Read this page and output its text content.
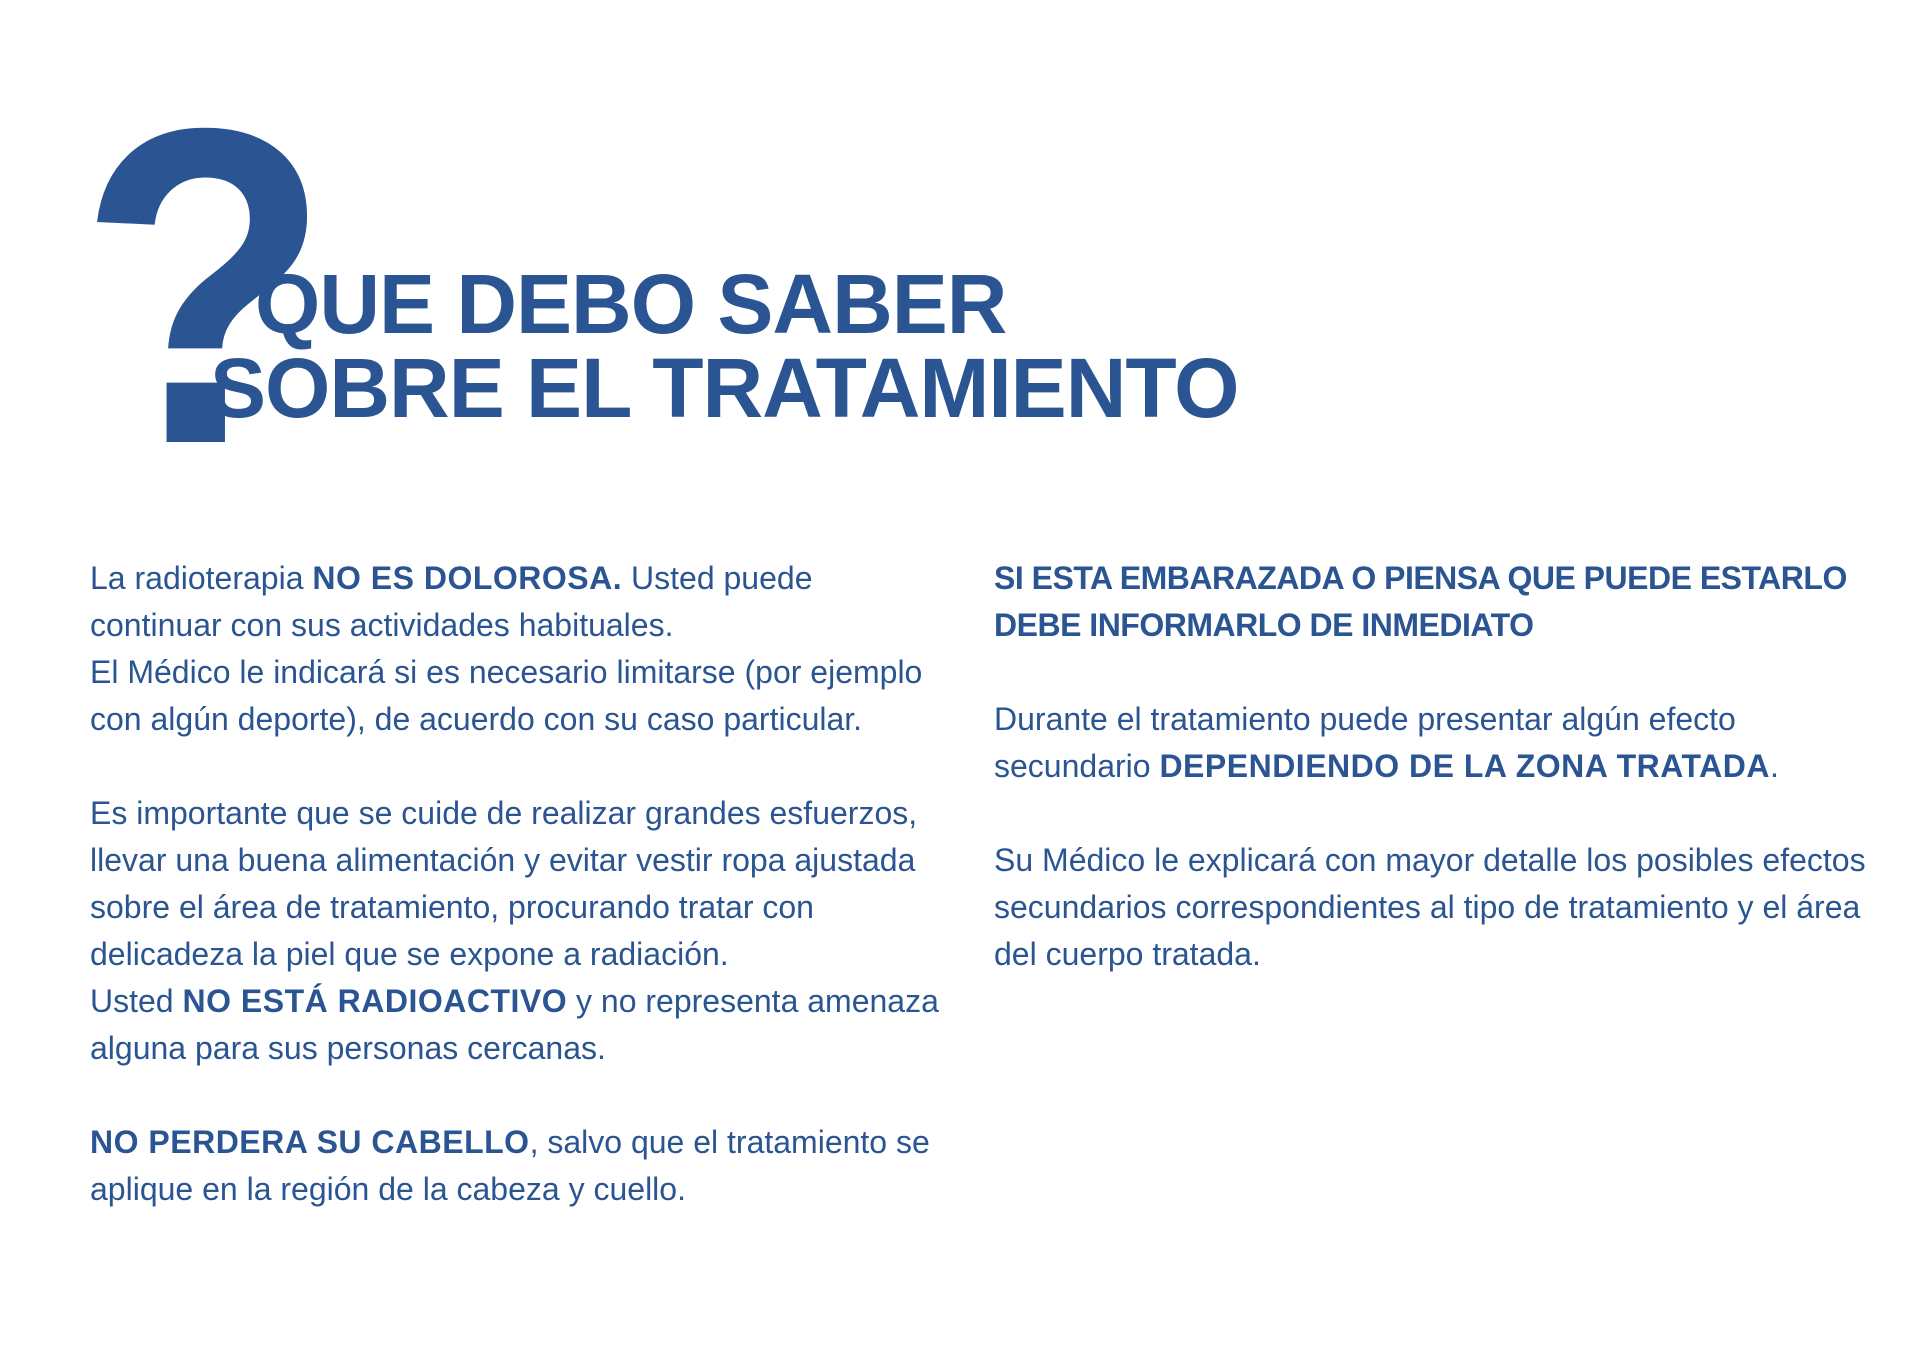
?
QUE DEBO SABER
SOBRE EL TRATAMIENTO

La radioterapia NO ES DOLOROSA. Usted puede continuar con sus actividades habituales.

El Médico le indicará si es necesario limitarse (por ejemplo con algún deporte), de acuerdo con su caso particular.

Es importante que se cuide de realizar grandes esfuerzos, llevar una buena alimentación y evitar vestir ropa ajustada sobre el área de tratamiento, procurando tratar con delicadeza la piel que se expone a radiación.

Usted NO ESTÁ RADIOACTIVO y no representa amenaza alguna para sus personas cercanas.

NO PERDERA SU CABELLO, salvo que el tratamiento se aplique en la región de la cabeza y cuello.

SI ESTA EMBARAZADA O PIENSA QUE PUEDE ESTARLO DEBE INFORMARLO DE INMEDIATO

Durante el tratamiento puede presentar algún efecto secundario DEPENDIENDO DE LA ZONA TRATADA.

Su Médico le explicará con mayor detalle los posibles efectos secundarios correspondientes al tipo de tratamiento y el área del cuerpo tratada.
